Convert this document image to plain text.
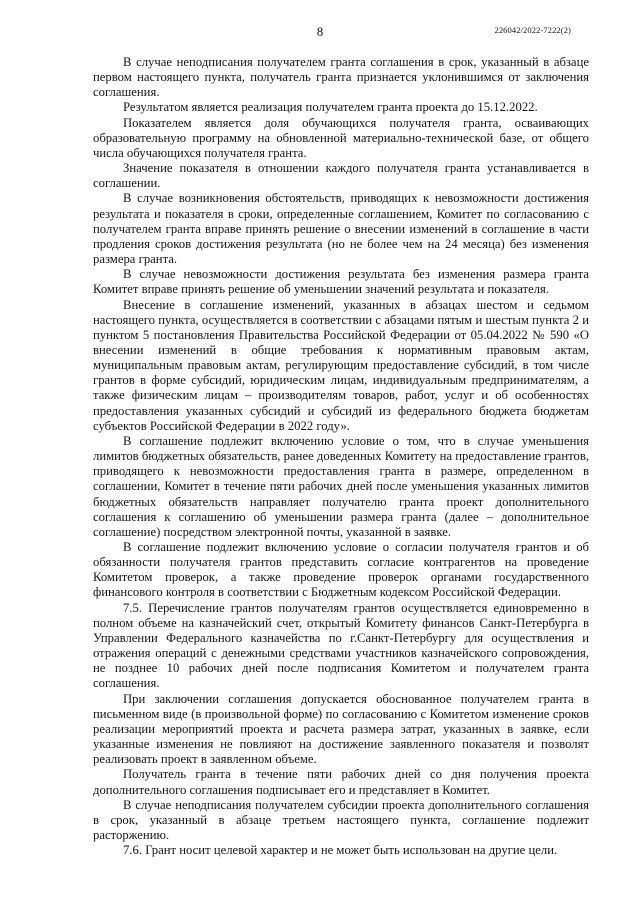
8	226042/2022-7222(2)

В случае неподписания получателем гранта соглашения в срок, указанный в абзаце первом настоящего пункта, получатель гранта признается уклонившимся от заключения соглашения.

Результатом является реализация получателем гранта проекта до 15.12.2022.

Показателем является доля обучающихся получателя гранта, осваивающих образовательную программу на обновленной материально-технической базе, от общего числа обучающихся получателя гранта.

Значение показателя в отношении каждого получателя гранта устанавливается в соглашении.

В случае возникновения обстоятельств, приводящих к невозможности достижения результата и показателя в сроки, определенные соглашением, Комитет по согласованию с получателем гранта вправе принять решение о внесении изменений в соглашение в части продления сроков достижения результата (но не более чем на 24 месяца) без изменения размера гранта.

В случае невозможности достижения результата без изменения размера гранта Комитет вправе принять решение об уменьшении значений результата и показателя.

Внесение в соглашение изменений, указанных в абзацах шестом и седьмом настоящего пункта, осуществляется в соответствии с абзацами пятым и шестым пункта 2 и пунктом 5 постановления Правительства Российской Федерации от 05.04.2022 № 590 «О внесении изменений в общие требования к нормативным правовым актам, муниципальным правовым актам, регулирующим предоставление субсидий, в том числе грантов в форме субсидий, юридическим лицам, индивидуальным предпринимателям, а также физическим лицам – производителям товаров, работ, услуг и об особенностях предоставления указанных субсидий и субсидий из федерального бюджета бюджетам субъектов Российской Федерации в 2022 году».

В соглашение подлежит включению условие о том, что в случае уменьшения лимитов бюджетных обязательств, ранее доведенных Комитету на предоставление грантов, приводящего к невозможности предоставления гранта в размере, определенном в соглашении, Комитет в течение пяти рабочих дней после уменьшения указанных лимитов бюджетных обязательств направляет получателю гранта проект дополнительного соглашения к соглашению об уменьшении размера гранта (далее – дополнительное соглашение) посредством электронной почты, указанной в заявке.

В соглашение подлежит включению условие о согласии получателя грантов и об обязанности получателя грантов представить согласие контрагентов на проведение Комитетом проверок, а также проведение проверок органами государственного финансового контроля в соответствии с Бюджетным кодексом Российской Федерации.

7.5. Перечисление грантов получателям грантов осуществляется единовременно в полном объеме на казначейский счет, открытый Комитету финансов Санкт-Петербурга в Управлении Федерального казначейства по г.Санкт-Петербургу для осуществления и отражения операций с денежными средствами участников казначейского сопровождения, не позднее 10 рабочих дней после подписания Комитетом и получателем гранта соглашения.

При заключении соглашения допускается обоснованное получателем гранта в письменном виде (в произвольной форме) по согласованию с Комитетом изменение сроков реализации мероприятий проекта и расчета размера затрат, указанных в заявке, если указанные изменения не повлияют на достижение заявленного показателя и позволят реализовать проект в заявленном объеме.

Получатель гранта в течение пяти рабочих дней со дня получения проекта дополнительного соглашения подписывает его и представляет в Комитет.

В случае неподписания получателем субсидии проекта дополнительного соглашения в срок, указанный в абзаце третьем настоящего пункта, соглашение подлежит расторжению.

7.6. Грант носит целевой характер и не может быть использован на другие цели.
